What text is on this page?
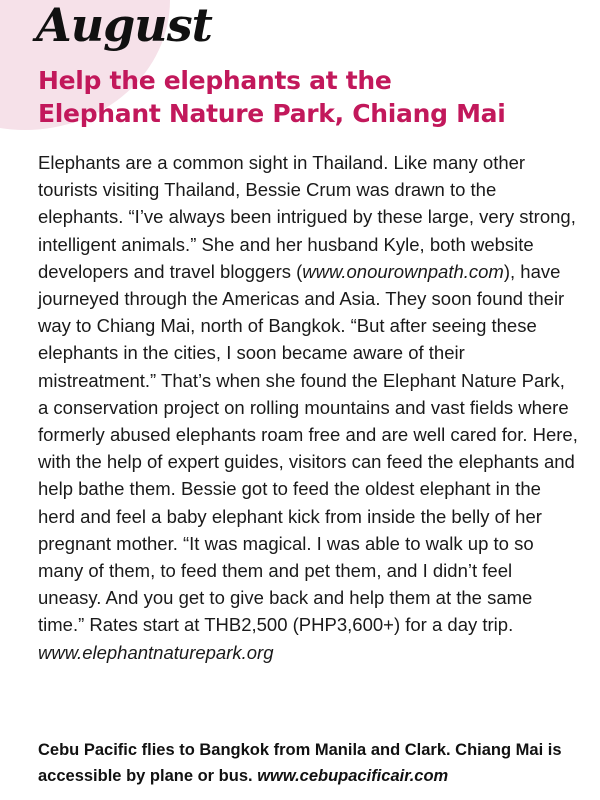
August
Help the elephants at the
Elephant Nature Park, Chiang Mai

Elephants are a common sight in Thailand. Like many other tourists visiting Thailand, Bessie Crum was drawn to the elephants. “I’ve always been intrigued by these large, very strong, intelligent animals.” She and her husband Kyle, both website developers and travel bloggers (www.onourownpath.com), have journeyed through the Americas and Asia. They soon found their way to Chiang Mai, north of Bangkok. “But after seeing these elephants in the cities, I soon became aware of their mistreatment.” That’s when she found the Elephant Nature Park, a conservation project on rolling mountains and vast fields where formerly abused elephants roam free and are well cared for. Here, with the help of expert guides, visitors can feed the elephants and help bathe them. Bessie got to feed the oldest elephant in the herd and feel a baby elephant kick from inside the belly of her pregnant mother. “It was magical. I was able to walk up to so many of them, to feed them and pet them, and I didn’t feel uneasy. And you get to give back and help them at the same time.” Rates start at THB2,500 (PHP3,600+) for a day trip. www.elephantnaturepark.org

Cebu Pacific flies to Bangkok from Manila and Clark. Chiang Mai is accessible by plane or bus. www.cebupacificair.com
